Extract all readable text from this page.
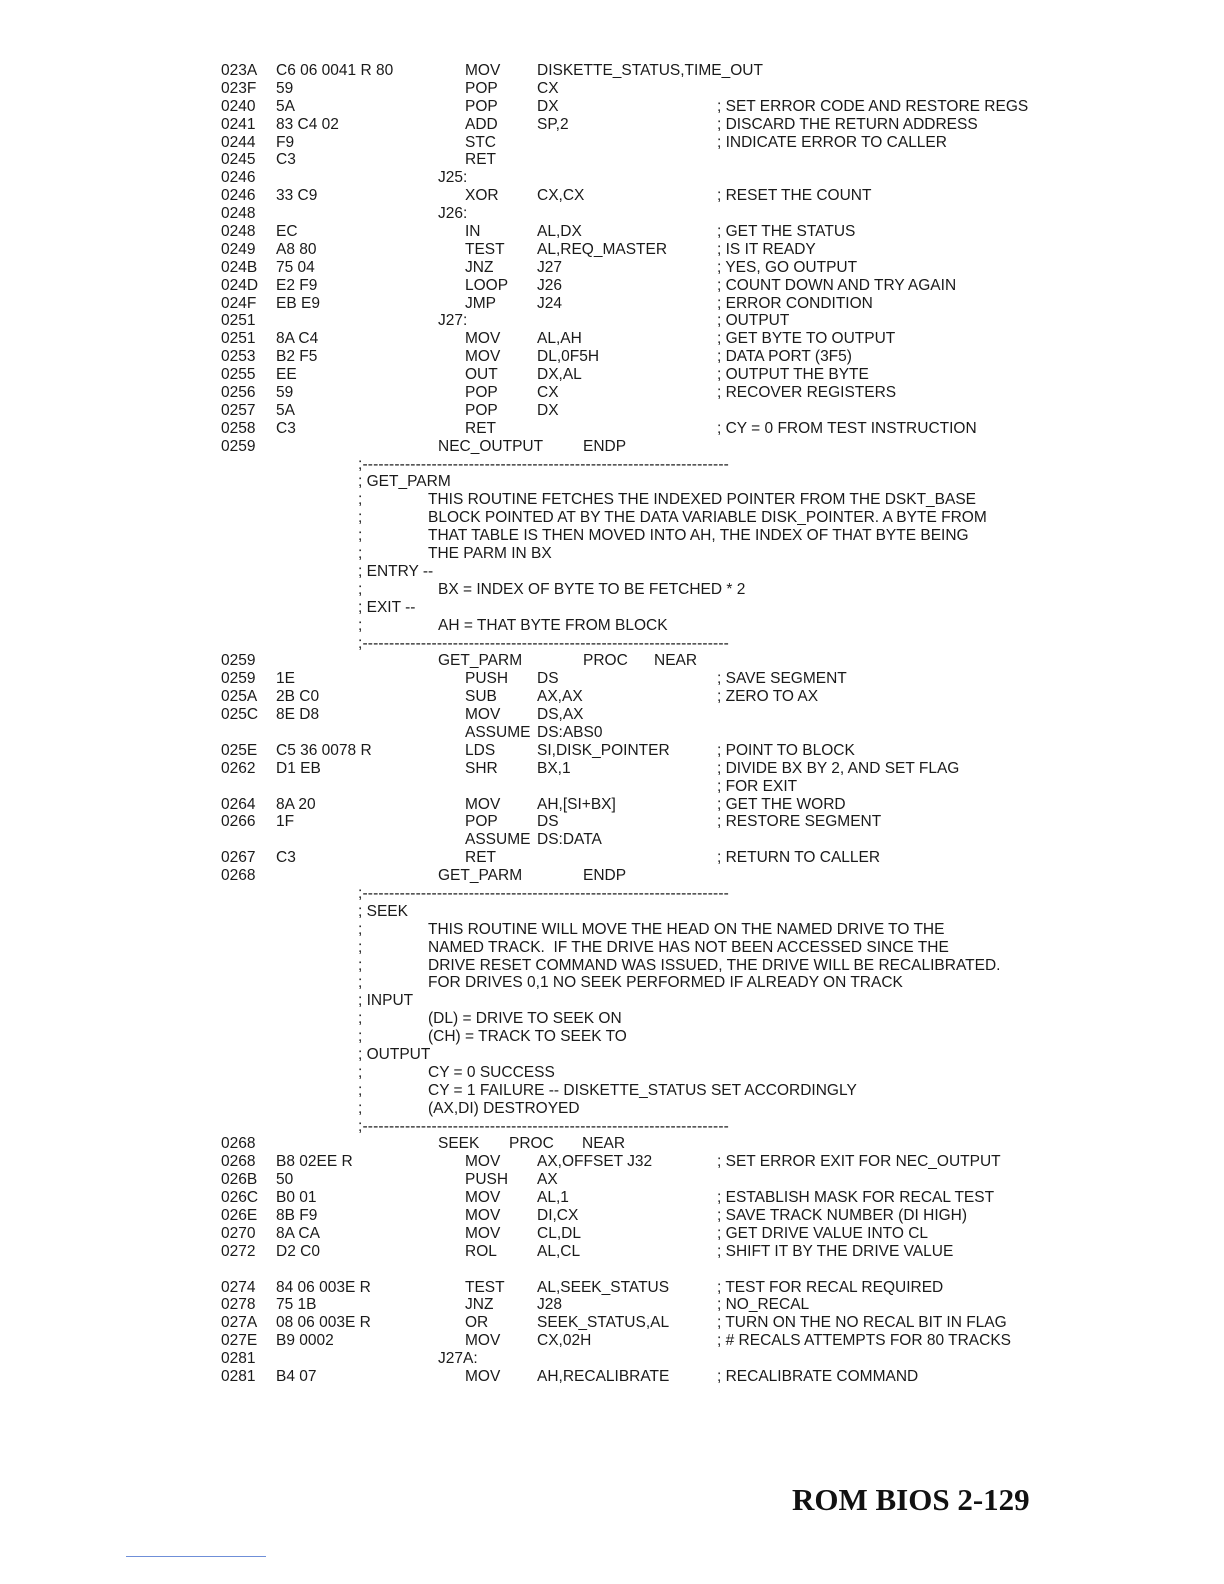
023A C6 06 0041 R 80	MOV DISKETTE_STATUS,TIME_OUT
023F 59	POP	CX
0240 5A	POP	DX	; SET ERROR CODE AND RESTORE REGS
0241 83 C4 02	ADD	SP,2	; DISCARD THE RETURN ADDRESS
0244 F9	STC	; INDICATE ERROR TO CALLER
0245 C3	RET
0246	J25:
0246 33 C9	XOR CX,CX	; RESET THE COUNT
0248	J26:
0248 EC	IN	AL,DX	; GET THE STATUS
0249 A8 80	TEST AL,REQ_MASTER	; IS IT READY
024B 75 04	JNZ	J27	; YES, GO OUTPUT
024D E2 F9	LOOP J26	; COUNT DOWN AND TRY AGAIN
024F EB E9	JMP	J24	; ERROR CONDITION
0251	J27:	; OUTPUT
0251 8A C4	MOV AL,AH	; GET BYTE TO OUTPUT
0253 B2 F5	MOV DL,0F5H	; DATA PORT (3F5)
0255 EE	OUT	DX,AL	; OUTPUT THE BYTE
0256 59	POP	CX	; RECOVER REGISTERS
0257 5A	POP	DX
0258 C3	RET	; CY = 0 FROM TEST INSTRUCTION
0259	NEC_OUTPUT	ENDP
;---------------------------------------------------------------------
; GET_PARM
;	THIS ROUTINE FETCHES THE INDEXED POINTER FROM THE DSKT_BASE
;	BLOCK POINTED AT BY THE DATA VARIABLE DISK_POINTER. A BYTE FROM
;	THAT TABLE IS THEN MOVED INTO AH, THE INDEX OF THAT BYTE BEING
;	THE PARM IN BX
; ENTRY --
;	BX = INDEX OF BYTE TO BE FETCHED * 2
; EXIT --
;	AH = THAT BYTE FROM BLOCK
;---------------------------------------------------------------------
0259	GET_PARM	PROC NEAR
0259 1E	PUSH DS	; SAVE SEGMENT
025A 2B C0	SUB	AX,AX	; ZERO TO AX
025C 8E D8	MOV DS,AX
ASSUME DS:ABS0
025E C5 36 0078 R	LDS	SI,DISK_POINTER	; POINT TO BLOCK
0262 D1 EB	SHR	BX,1	; DIVIDE BX BY 2, AND SET FLAG
; FOR EXIT
0264 8A 20	MOV AH,[SI+BX]	; GET THE WORD
0266 1F	POP	DS	; RESTORE SEGMENT
ASSUME DS:DATA
0267 C3	RET	; RETURN TO CALLER
0268	GET_PARM	ENDP
;---------------------------------------------------------------------
; SEEK
;	THIS ROUTINE WILL MOVE THE HEAD ON THE NAMED DRIVE TO THE
;	NAMED TRACK.  IF THE DRIVE HAS NOT BEEN ACCESSED SINCE THE
;	DRIVE RESET COMMAND WAS ISSUED, THE DRIVE WILL BE RECALIBRATED.
;	FOR DRIVES 0,1 NO SEEK PERFORMED IF ALREADY ON TRACK
; INPUT
;	(DL) = DRIVE TO SEEK ON
;	(CH) = TRACK TO SEEK TO
; OUTPUT
;	CY = 0 SUCCESS
;	CY = 1 FAILURE -- DISKETTE_STATUS SET ACCORDINGLY
;	(AX,DI) DESTROYED
;---------------------------------------------------------------------
0268	SEEK PROC NEAR
0268 B8 02EE R	MOV AX,OFFSET J32	; SET ERROR EXIT FOR NEC_OUTPUT
026B 50	PUSH AX
026C B0 01	MOV AL,1	; ESTABLISH MASK FOR RECAL TEST
026E 8B F9	MOV DI,CX	; SAVE TRACK NUMBER (DI HIGH)
0270 8A CA	MOV CL,DL	; GET DRIVE VALUE INTO CL
0272 D2 C0	ROL	AL,CL	; SHIFT IT BY THE DRIVE VALUE
0274 84 06 003E R	TEST AL,SEEK_STATUS	; TEST FOR RECAL REQUIRED
0278 75 1B	JNZ	J28	; NO_RECAL
027A 08 06 003E R	OR	SEEK_STATUS,AL	; TURN ON THE NO RECAL BIT IN FLAG
027E B9 0002	MOV CX,02H	; # RECALS ATTEMPTS FOR 80 TRACKS
0281	J27A:
0281 B4 07	MOV AH,RECALIBRATE	; RECALIBRATE COMMAND
ROM BIOS 2-129
